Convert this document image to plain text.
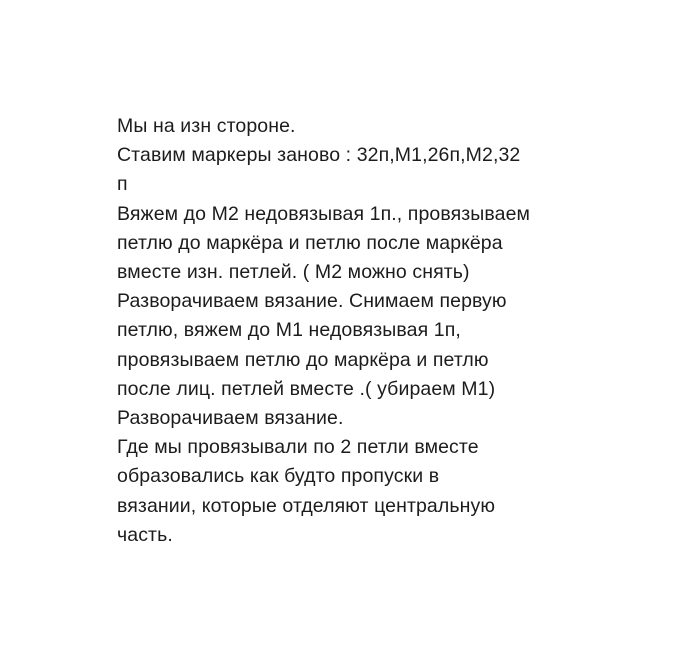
Мы на изн стороне.
Ставим маркеры заново : 32п,М1,26п,М2,32
п
Вяжем до М2 недовязывая 1п., провязываем
петлю до маркёра и петлю после маркёра
вместе изн. петлей. ( М2 можно снять)
Разворачиваем вязание. Снимаем первую
петлю, вяжем до М1 недовязывая 1п,
провязываем петлю до маркёра и петлю
после лиц. петлей вместе .( убираем М1)
Разворачиваем вязание.
Где мы провязывали по 2 петли вместе
образовались как будто пропуски в
вязании, которые отделяют центральную
часть.
